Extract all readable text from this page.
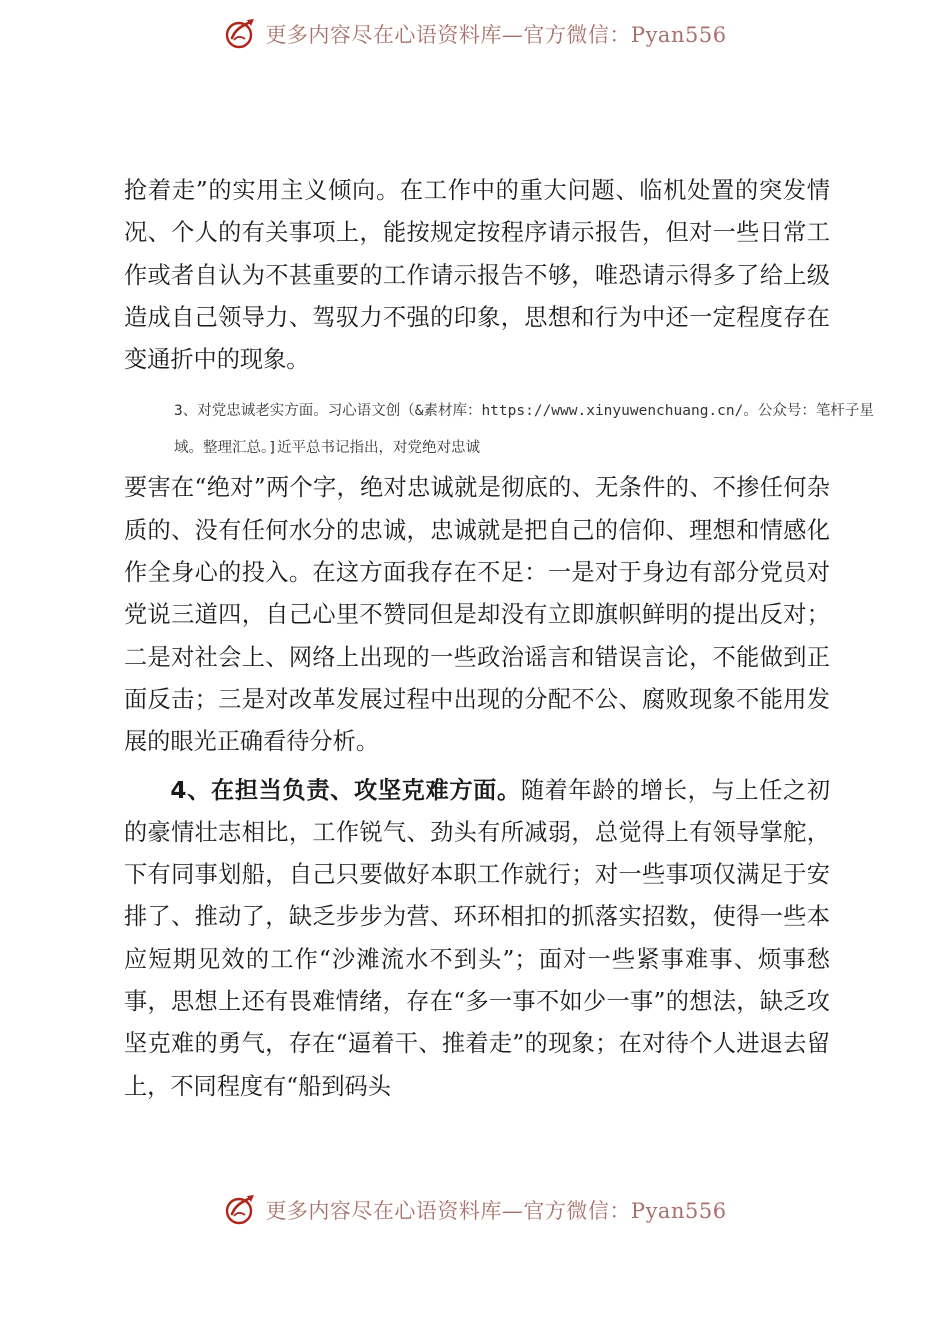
更多内容尽在心语资料库—官方微信：Pyan556

抢着走”的实用主义倾向。在工作中的重大问题、临机处置的突发情况、个人的有关事项上，能按规定按程序请示报告，但对一些日常工作或者自认为不甚重要的工作请示报告不够，唯恐请示得多了给上级造成自己领导力、驾驭力不强的印象，思想和行为中还一定程度存在变通折中的现象。

3、对党忠诚老实方面。习心语文创（&素材库：https://www.xinyuwenchuang.cn/。公众号：笔杆子星域。整理汇总。]近平总书记指出，对党绝对忠诚

要害在“绝对”两个字，绝对忠诚就是彻底的、无条件的、不掺任何杂质的、没有任何水分的忠诚，忠诚就是把自己的信仰、理想和情感化作全身心的投入。在这方面我存在不足：一是对于身边有部分党员对党说三道四，自己心里不赞同但是却没有立即旗帜鲜明的提出反对；二是对社会上、网络上出现的一些政治谣言和错误言论，不能做到正面反击；三是对改革发展过程中出现的分配不公、腐败现象不能用发展的眼光正确看待分析。

4、在担当负责、攻坚克难方面。随着年龄的增长，与上任之初的豪情壮志相比，工作锐气、劲头有所减弱，总觉得上有领导掌舵，下有同事划船，自己只要做好本职工作就行；对一些事项仅满足于安排了、推动了，缺乏步步为营、环环相扣的抓落实招数，使得一些本应短期见效的工作“沙滩流水不到头”；面对一些紧事难事、烦事愁事，思想上还有畏难情绪，存在“多一事不如少一事”的想法，缺乏攻坚克难的勇气，存在“逼着干、推着走”的现象；在对待个人进退去留上，不同程度有“船到码头

更多内容尽在心语资料库—官方微信：Pyan556
